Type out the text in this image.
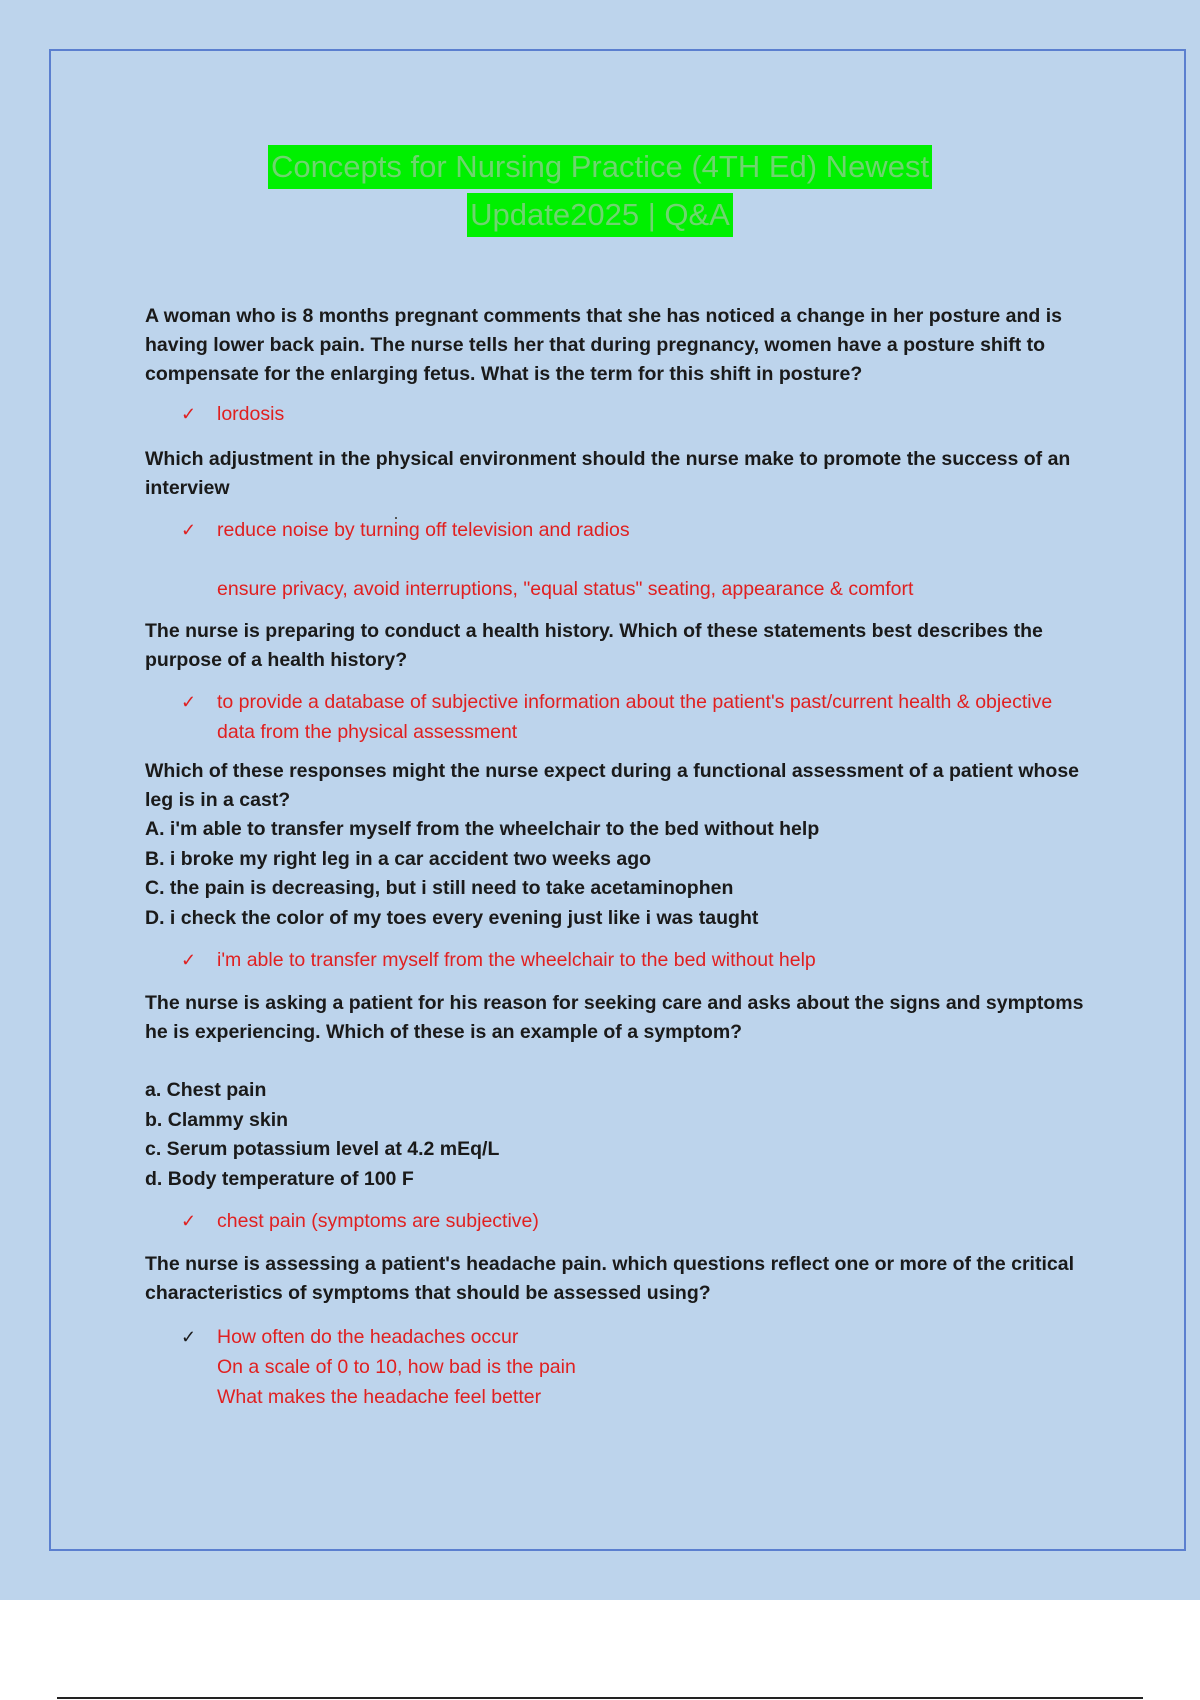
Concepts for Nursing Practice (4TH Ed) Newest
Update2025 | Q&A

A woman who is 8 months pregnant comments that she has noticed a change in her posture and is having lower back pain. The nurse tells her that during pregnancy, women have a posture shift to compensate for the enlarging fetus. What is the term for this shift in posture?

✓ lordosis

Which adjustment in the physical environment should the nurse make to promote the success of an interview

✓ reduce noise by turning off television and radios

ensure privacy, avoid interruptions, "equal status" seating, appearance & comfort

The nurse is preparing to conduct a health history. Which of these statements best describes the purpose of a health history?

✓ to provide a database of subjective information about the patient's past/current health & objective data from the physical assessment

Which of these responses might the nurse expect during a functional assessment of a patient whose leg is in a cast?

A. i'm able to transfer myself from the wheelchair to the bed without help

B. i broke my right leg in a car accident two weeks ago

C. the pain is decreasing, but i still need to take acetaminophen

D. i check the color of my toes every evening just like i was taught

✓ i'm able to transfer myself from the wheelchair to the bed without help

The nurse is asking a patient for his reason for seeking care and asks about the signs and symptoms he is experiencing. Which of these is an example of a symptom?

a. Chest pain

b. Clammy skin

c. Serum potassium level at 4.2 mEq/L

d. Body temperature of 100 F

✓ chest pain (symptoms are subjective)

The nurse is assessing a patient's headache pain. which questions reflect one or more of the critical characteristics of symptoms that should be assessed using?

✓ How often do the headaches occur

On a scale of 0 to 10, how bad is the pain

What makes the headache feel better
